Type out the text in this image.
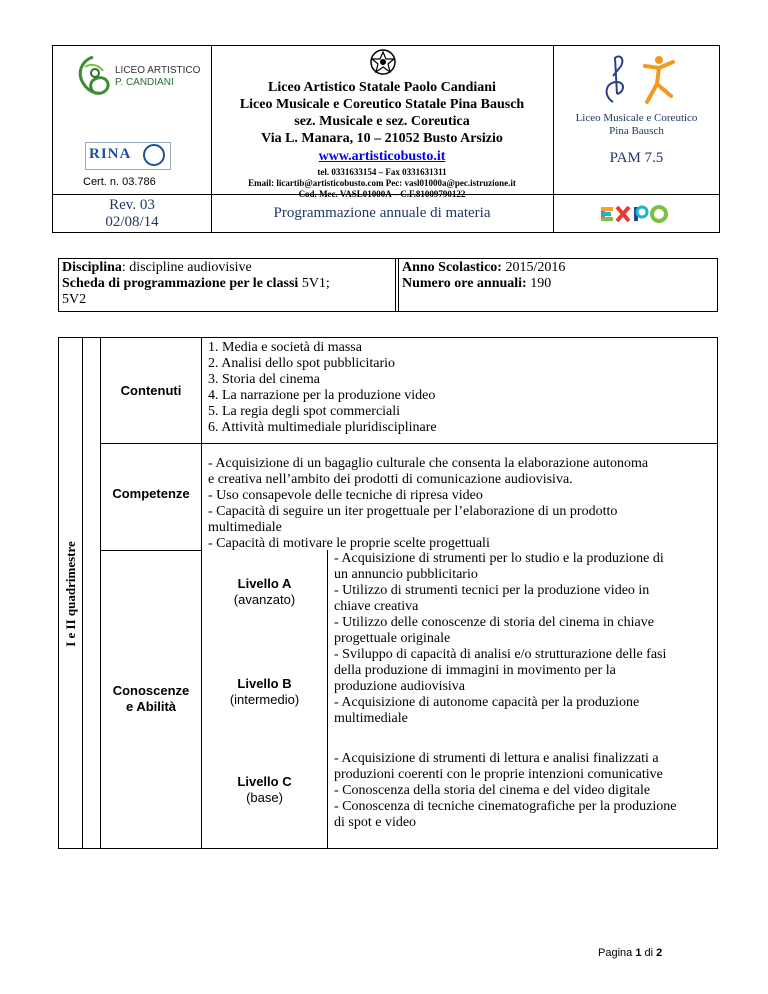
LICEO ARTISTICO
P. CANDIANI
RINA
Cert. n. 03.786
Liceo Artistico Statale Paolo Candiani
Liceo Musicale e Coreutico Statale Pina Bausch
sez. Musicale e sez. Coreutica
Via L. Manara, 10 – 21052 Busto Arsizio
www.artisticobusto.it
tel. 0331633154 – Fax 0331631311
Email: licartib@artisticobusto.com Pec: vasl01000a@pec.istruzione.it
Cod. Mec. VASL01000A – C.F.81009790122
Liceo Musicale e Coreutico
Pina Bausch
PAM 7.5
Rev. 03
02/08/14
Programmazione annuale di materia
Disciplina: discipline audiovisive
Scheda di programmazione per le classi 5V1;
5V2
Anno Scolastico: 2015/2016
Numero ore annuali: 190
I e II quadrimestre
Contenuti
1. Media e società di massa
2. Analisi dello spot pubblicitario
3. Storia del cinema
4. La narrazione per la produzione video
5. La regia degli spot commerciali
6. Attività multimediale pluridisciplinare
Competenze
- Acquisizione di un bagaglio culturale che consenta la elaborazione autonoma
e creativa nell’ambito dei prodotti di comunicazione audiovisiva.
- Uso consapevole delle tecniche di ripresa video
- Capacità di seguire un iter progettuale per l’elaborazione di un prodotto
multimediale
- Capacità di motivare le proprie scelte progettuali
Conoscenze
e Abilità
Livello A
(avanzato)
- Acquisizione di strumenti per lo studio e la produzione di
un annuncio pubblicitario
- Utilizzo di strumenti tecnici per la produzione video in
chiave creativa
- Utilizzo delle conoscenze di storia del cinema in chiave
progettuale originale
Livello B
(intermedio)
- Sviluppo di capacità di analisi e/o strutturazione delle fasi
della produzione di immagini in movimento per la
produzione audiovisiva
- Acquisizione di autonome capacità per la produzione
multimediale
Livello C
(base)
- Acquisizione di strumenti di lettura e analisi finalizzati a
produzioni coerenti con le proprie intenzioni comunicative
- Conoscenza della storia del cinema e del video digitale
- Conoscenza di tecniche cinematografiche per la produzione
di spot e video
Pagina 1 di 2
